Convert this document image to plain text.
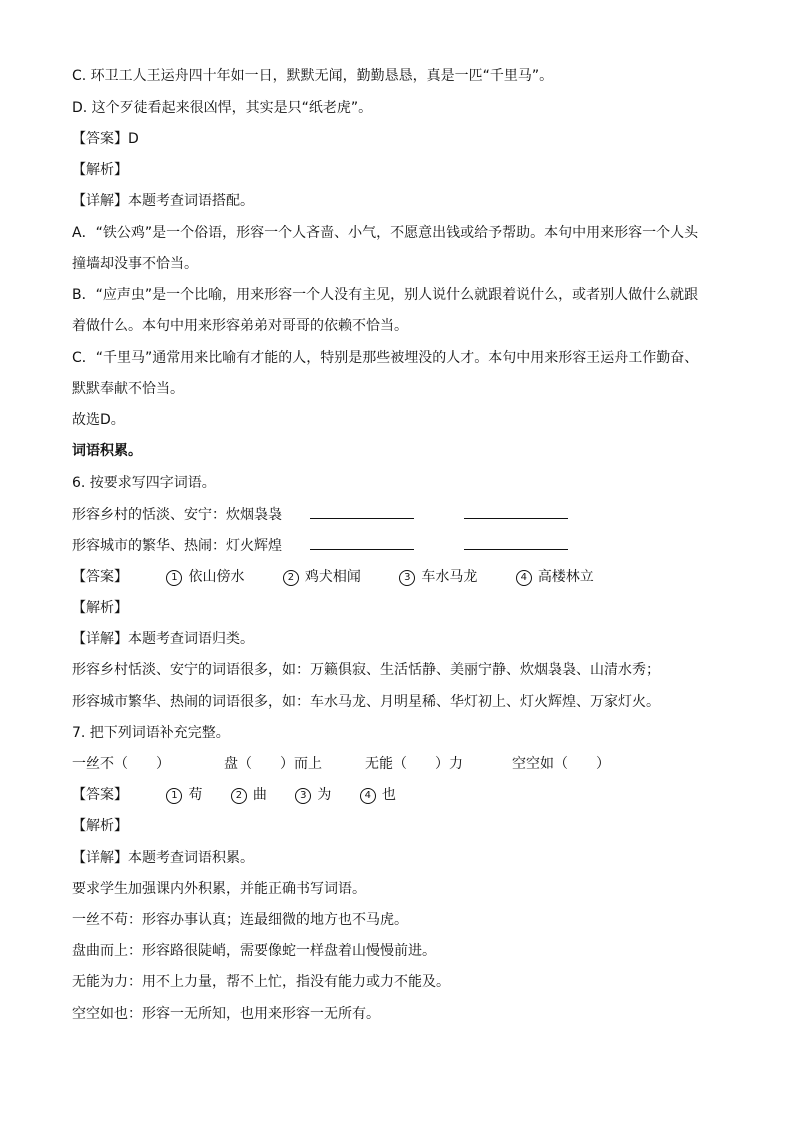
C. 环卫工人王运舟四十年如一日，默默无闻，勤勤恳恳，真是一匹“千里马”。
D. 这个歹徒看起来很凶悍，其实是只“纸老虎”。
【答案】D
【解析】
【详解】本题考查词语搭配。
A．“铁公鸡”是一个俗语，形容一个人吝啬、小气，不愿意出钱或给予帮助。本句中用来形容一个人头
撞墙却没事不恰当。
B．“应声虫”是一个比喻，用来形容一个人没有主见，别人说什么就跟着说什么，或者别人做什么就跟
着做什么。本句中用来形容弟弟对哥哥的依赖不恰当。
C．“千里马”通常用来比喻有才能的人，特别是那些被埋没的人才。本句中用来形容王运舟工作勤奋、
默默奉献不恰当。
故选D。
词语积累。
6. 按要求写四字词语。
形容乡村的恬淡、安宁：炊烟袅袅
形容城市的繁华、热闹：灯火辉煌
【答案】	1 依山傍水	2 鸡犬相闻	3 车水马龙	4 高楼林立
【解析】
【详解】本题考查词语归类。
形容乡村恬淡、安宁的词语很多，如：万籁俱寂、生活恬静、美丽宁静、炊烟袅袅、山清水秀；
形容城市繁华、热闹的词语很多，如：车水马龙、月明星稀、华灯初上、灯火辉煌、万家灯火。
7. 把下列词语补充完整。
一丝不（　　）	盘（　　）而上	无能（　　）力	空空如（　　）
【答案】	1 苟	2 曲	3 为	4 也
【解析】
【详解】本题考查词语积累。
要求学生加强课内外积累，并能正确书写词语。
一丝不苟：形容办事认真；连最细微的地方也不马虎。
盘曲而上：形容路很陡峭，需要像蛇一样盘着山慢慢前进。
无能为力：用不上力量，帮不上忙，指没有能力或力不能及。
空空如也：形容一无所知，也用来形容一无所有。
